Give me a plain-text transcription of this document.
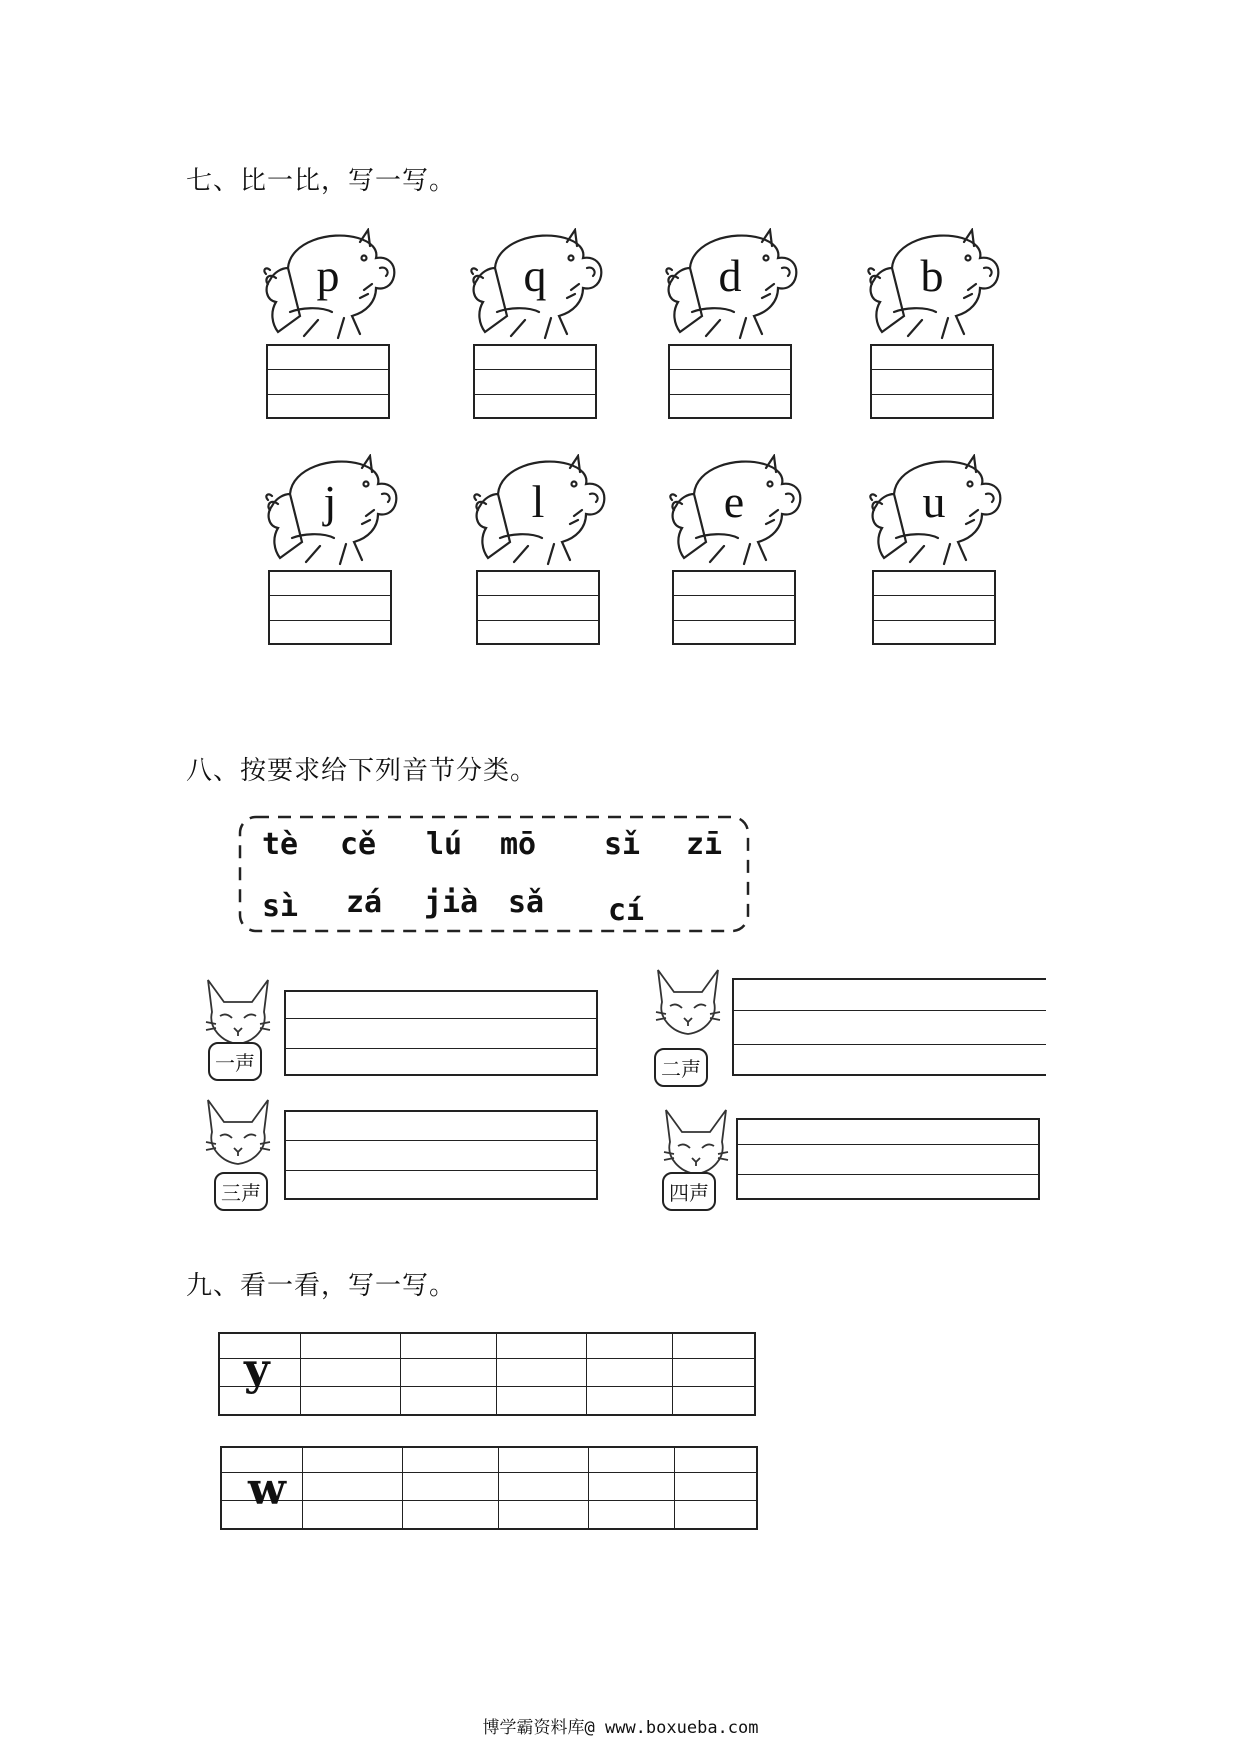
七、比一比，写一写。
p	q	d	b
j	l	e	u
八、按要求给下列音节分类。
tè cě lú mō sǐ zī
sì zá jià sǎ cí
一声	二声
三声	四声
九、看一看，写一写。
y
w
博学霸资料库@ www.boxueba.com
